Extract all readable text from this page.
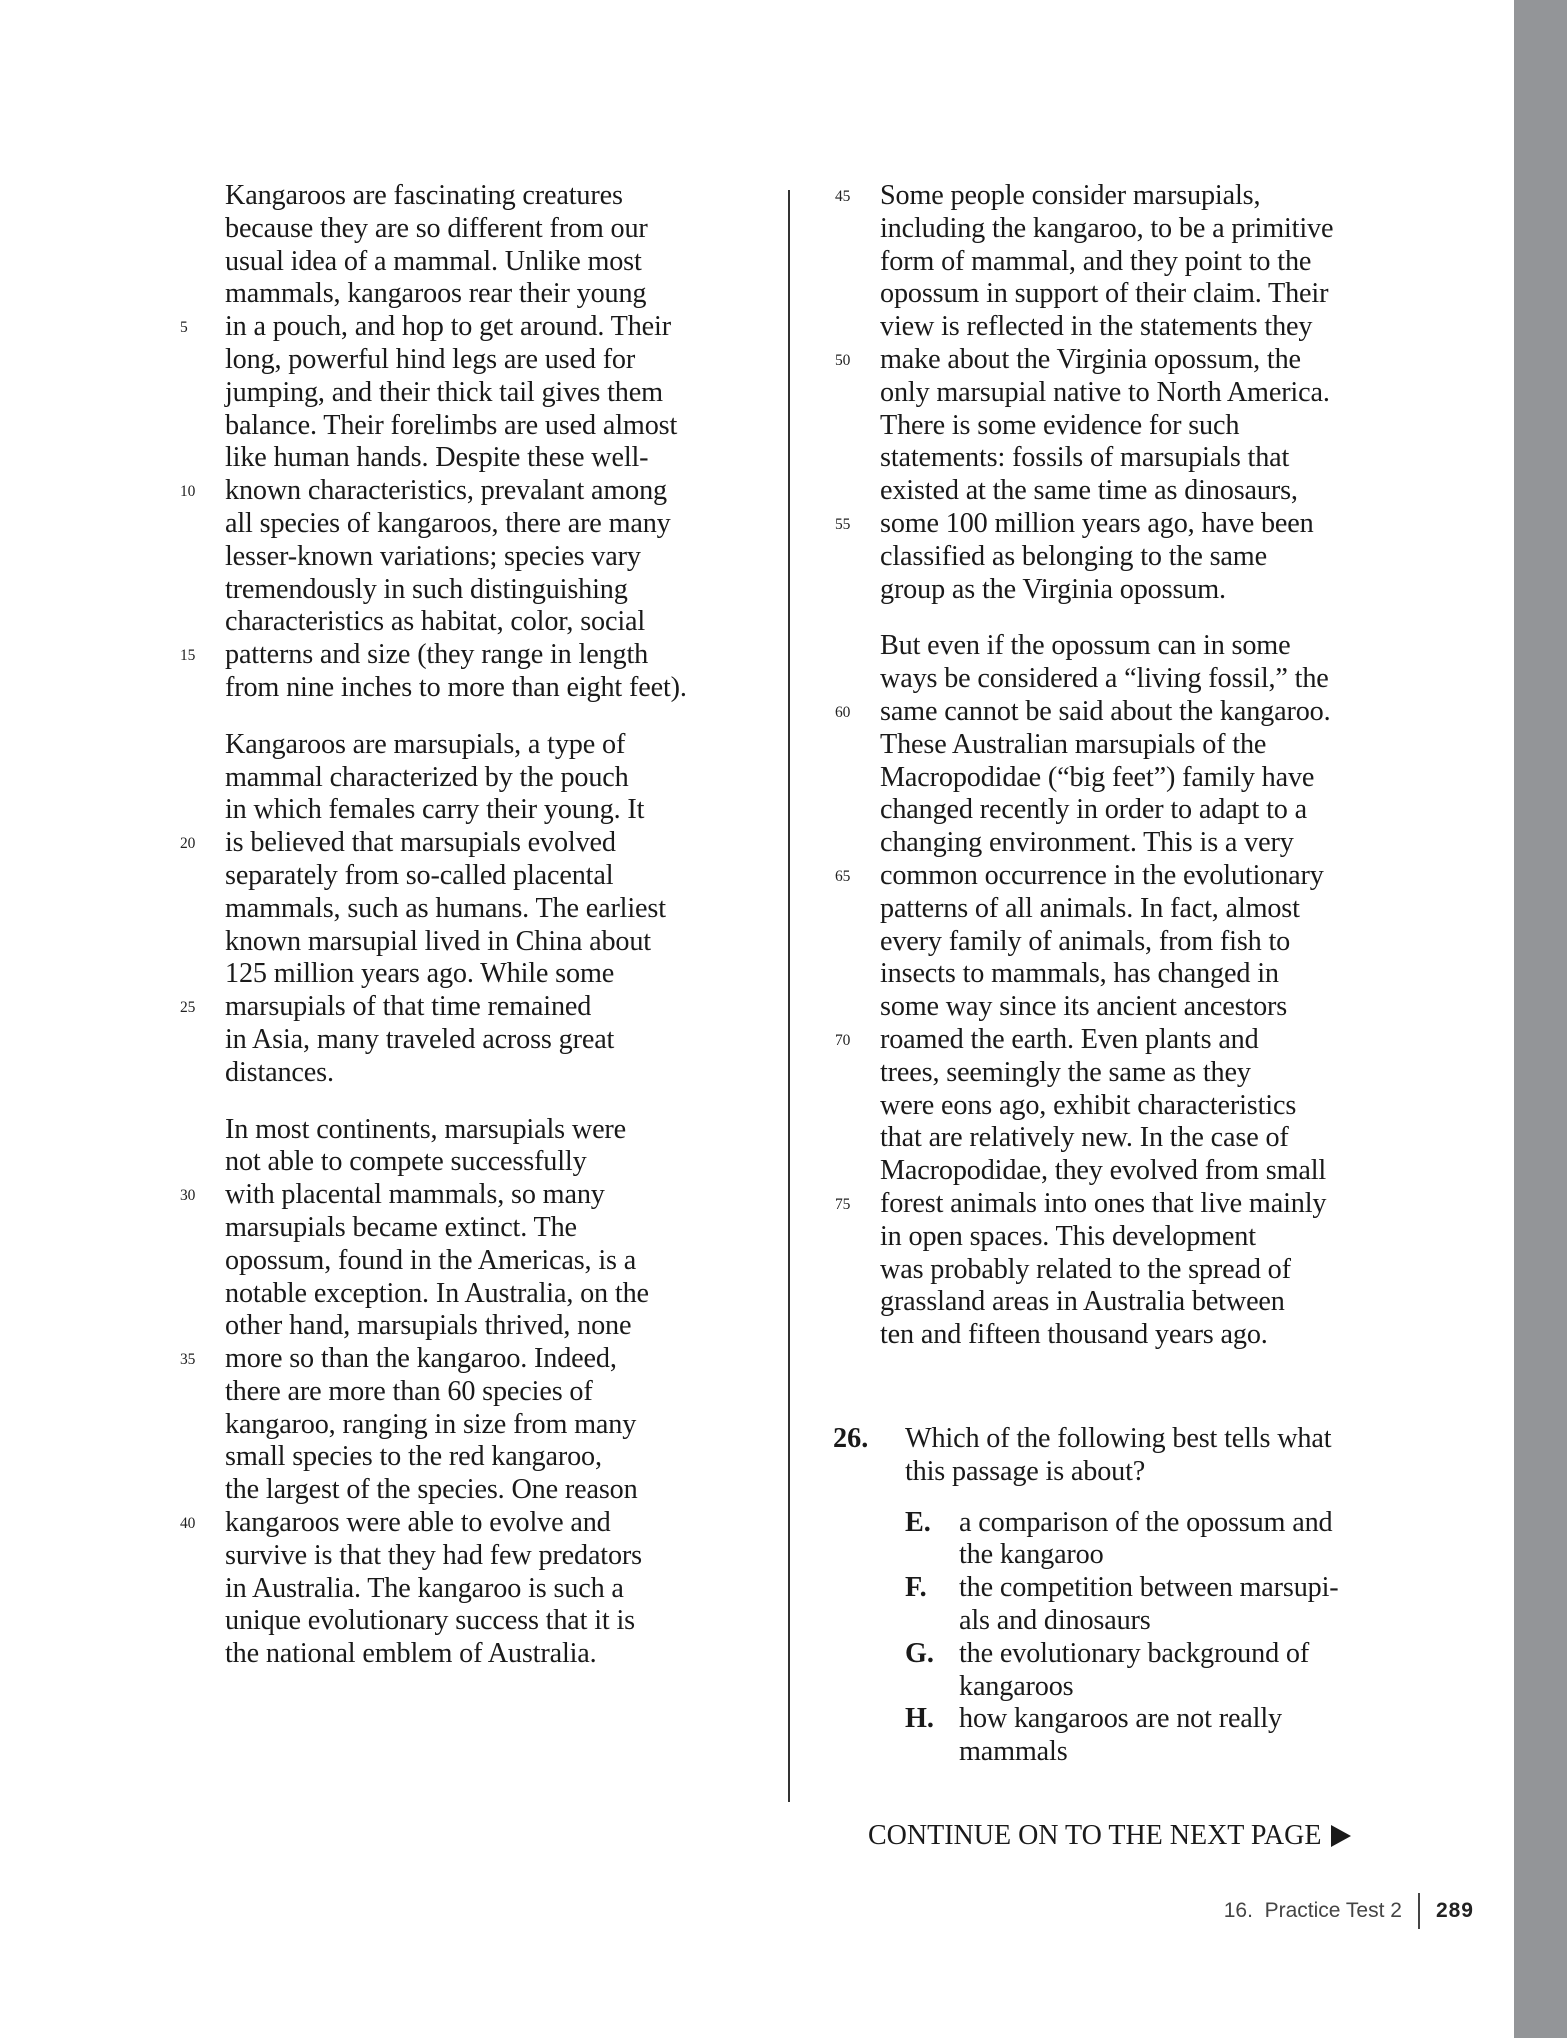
Kangaroos are fascinating creatures
because they are so different from our
usual idea of a mammal. Unlike most
mammals, kangaroos rear their young
in a pouch, and hop to get around. Their
5
long, powerful hind legs are used for
jumping, and their thick tail gives them
balance. Their forelimbs are used almost
like human hands. Despite these well-
known characteristics, prevalant among
10
all species of kangaroos, there are many
lesser-known variations; species vary
tremendously in such distinguishing
characteristics as habitat, color, social
patterns and size (they range in length
15
from nine inches to more than eight feet).
Kangaroos are marsupials, a type of
mammal characterized by the pouch
in which females carry their young. It
is believed that marsupials evolved
20
separately from so-called placental
mammals, such as humans. The earliest
known marsupial lived in China about
125 million years ago. While some
marsupials of that time remained
25
in Asia, many traveled across great
distances.
In most continents, marsupials were
not able to compete successfully
with placental mammals, so many
30
marsupials became extinct. The
opossum, found in the Americas, is a
notable exception. In Australia, on the
other hand, marsupials thrived, none
more so than the kangaroo. Indeed,
35
there are more than 60 species of
kangaroo, ranging in size from many
small species to the red kangaroo,
the largest of the species. One reason
kangaroos were able to evolve and
40
survive is that they had few predators
in Australia. The kangaroo is such a
unique evolutionary success that it is
the national emblem of Australia.
Some people consider marsupials,
45
including the kangaroo, to be a primitive
form of mammal, and they point to the
opossum in support of their claim. Their
view is reflected in the statements they
make about the Virginia opossum, the
50
only marsupial native to North America.
There is some evidence for such
statements: fossils of marsupials that
existed at the same time as dinosaurs,
some 100 million years ago, have been
55
classified as belonging to the same
group as the Virginia opossum.
But even if the opossum can in some
ways be considered a “living fossil,” the
same cannot be said about the kangaroo.
60
These Australian marsupials of the
Macropodidae (“big feet”) family have
changed recently in order to adapt to a
changing environment. This is a very
common occurrence in the evolutionary
65
patterns of all animals. In fact, almost
every family of animals, from fish to
insects to mammals, has changed in
some way since its ancient ancestors
roamed the earth. Even plants and
70
trees, seemingly the same as they
were eons ago, exhibit characteristics
that are relatively new. In the case of
Macropodidae, they evolved from small
forest animals into ones that live mainly
75
in open spaces. This development
was probably related to the spread of
grassland areas in Australia between
ten and fifteen thousand years ago.
26.	Which of the following best tells what
this passage is about?
E. a comparison of the opossum and
the kangaroo
F.	the competition between marsupi-
als and dinosaurs
G. the evolutionary background of
kangaroos
H. how kangaroos are not really
mammals
CONTINUE ON TO THE NEXT PAGE
16.  Practice Test 2 289
